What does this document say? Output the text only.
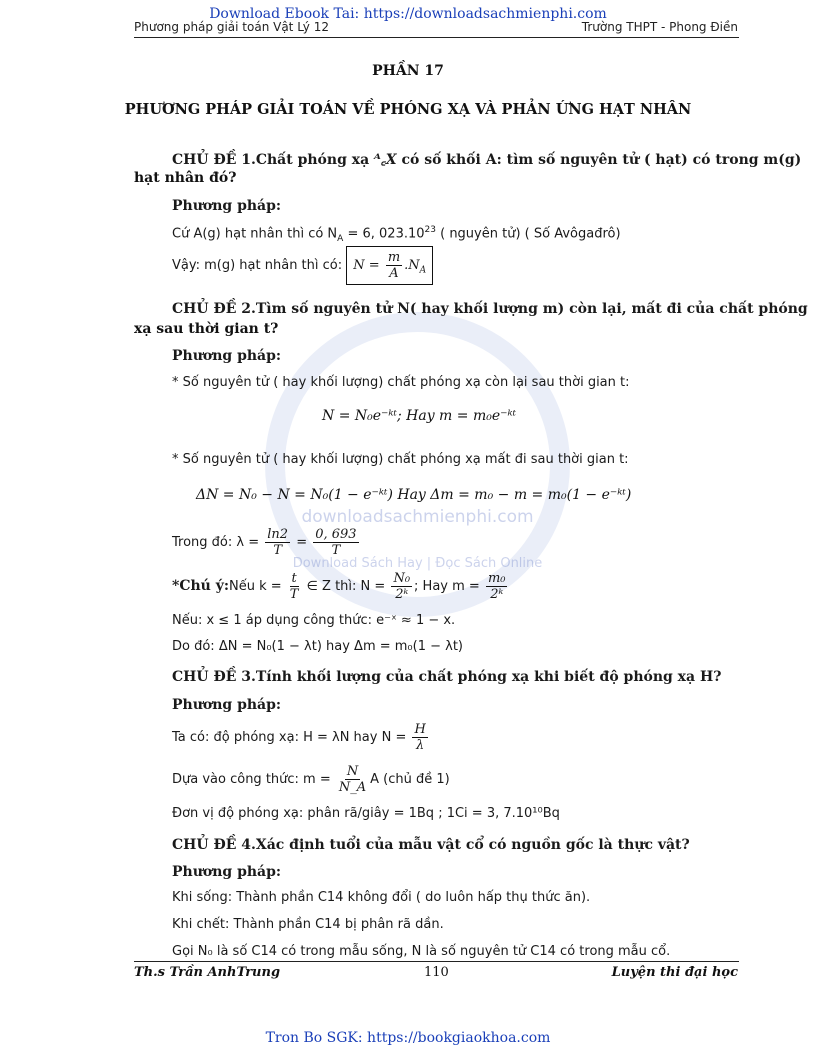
downloadsachmienphi.com
Download Sách Hay | Đọc Sách Online
Download Ebook Tai: https://downloadsachmienphi.com
Phương pháp giải toán Vật Lý 12	Trường THPT - Phong Điền
PHẦN 17
PHƯƠNG PHÁP GIẢI TOÁN VỀ PHÓNG XẠ VÀ PHẢN ỨNG HẠT NHÂN
CHỦ ĐỀ 1.Chất phóng xạ ᴬ꜀X có số khối A: tìm số nguyên tử ( hạt) có trong m(g)
hạt nhân đó?
Phương pháp:
Cứ A(g) hạt nhân thì có $N_A = 6$, 023.10$^{23}$ ( nguyên tử) ( Số Avôgađrô)
Vậy: m(g) hạt nhân thì có: $N = \frac{m}{A} .N_A$
CHỦ ĐỀ 2.Tìm số nguyên tử N( hay khối lượng m) còn lại, mất đi của chất phóng
xạ sau thời gian t?
Phương pháp:
* Số nguyên tử ( hay khối lượng) chất phóng xạ còn lại sau thời gian t:
N = N₀e⁻ᵏᵗ; Hay m = m₀e⁻ᵏᵗ
* Số nguyên tử ( hay khối lượng) chất phóng xạ mất đi sau thời gian t:
ΔN = N₀ − N = N₀(1 − e⁻ᵏᵗ) Hay Δm = m₀ − m = m₀(1 − e⁻ᵏᵗ)
Trong đó: $\lambda = \frac{\ln 2}{T} = \frac{0, 693}{T}$
*Chú ý:Nếu $k = \frac{t}{T}$ ∈ Z thì: $N = \frac{\text{N₀}}{\text{2ᵏ}}$ ; Hay $m = \frac{\text{m₀}}{\text{2ᵏ}}$
Nếu: x ≤ 1 áp dụng công thức: e⁻ˣ ≈ 1 − x.
Do đó: ΔN = N₀(1 − λt) hay Δm = m₀(1 − λt)
CHỦ ĐỀ 3.Tính khối lượng của chất phóng xạ khi biết độ phóng xạ H?
Phương pháp:
Ta có: độ phóng xạ: H = λN hay $N = \frac{H}{\lambda}$
Dựa vào công thức: $m = \frac{N}{N\_A}$ A (chủ đề 1)
Đơn vị độ phóng xạ: phân rã/giây = 1Bq ; 1Ci = 3, 7.10¹⁰Bq
CHỦ ĐỀ 4.Xác định tuổi của mẫu vật cổ có nguồn gốc là thực vật?
Phương pháp:
Khi sống: Thành phần C14 không đổi ( do luôn hấp thụ thức ăn).
Khi chết: Thành phần C14 bị phân rã dần.
Gọi N₀ là số C14 có trong mẫu sống, N là số nguyên tử C14 có trong mẫu cổ.
Th.s Trần AnhTrung	110	Luyện thi đại học
Tron Bo SGK: https://bookgiaokhoa.com
